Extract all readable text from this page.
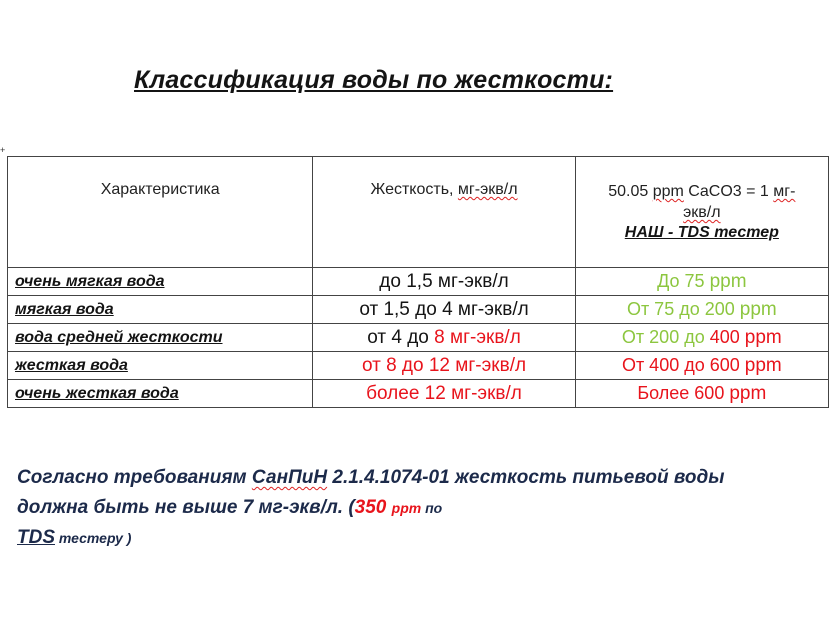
Классификация воды по жесткости:
+
Характеристика	Жесткость, мг-экв/л	50.05 ppm CaCO3 = 1 мг-
экв/л
НАШ - TDS тестер

очень мягкая вода	до 1,5 мг-экв/л	До 75 ppm
мягкая вода	от 1,5 до 4 мг-экв/л	От 75 до 200 ppm
вода средней жесткости	от 4 до 8 мг-экв/л	От 200 до 400 ppm
жесткая вода	от 8 до 12 мг-экв/л	От 400 до 600 ppm
очень жесткая вода	более 12 мг-экв/л	Более 600 ppm
Согласно требованиям СанПиН 2.1.4.1074-01 жесткость питьевой воды должна быть не выше 7 мг-экв/л. (350 ppm по
TDS тестеру )
